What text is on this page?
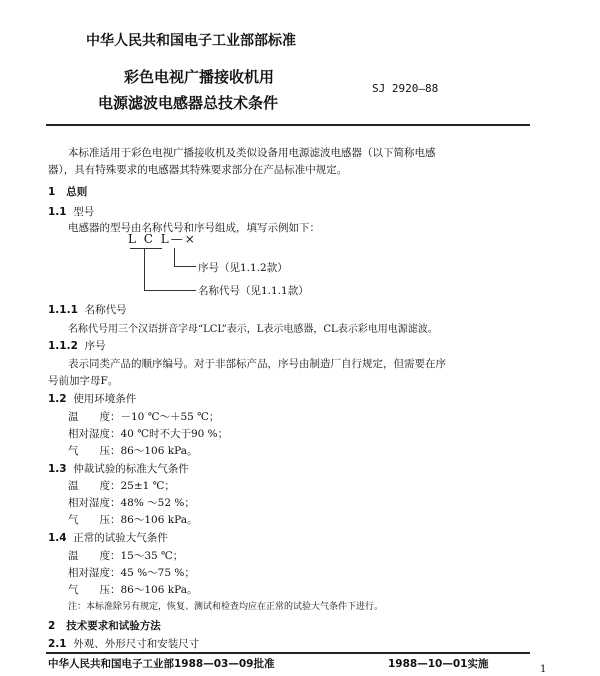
中华人民共和国电子工业部部标准
彩色电视广播接收机用
电源滤波电感器总技术条件
SJ 2920—88
本标准适用于彩色电视广播接收机及类似设备用电源滤波电感器（以下简称电感
器），具有特殊要求的电感器其特殊要求部分在产品标准中规定。
1 总则
1.1 型号
电感器的型号由名称代号和序号组成，填写示例如下：
L C L—×
序号（见1.1.2款）
名称代号（见1.1.1款）
1.1.1 名称代号
名称代号用三个汉语拼音字母“LCL”表示，L表示电感器，CL表示彩电用电源滤波。
1.1.2 序号
表示同类产品的顺序编号。对于非部标产品，序号由制造厂自行规定，但需要在序
号前加字母F。
1.2 使用环境条件
温　　度：－10 ℃～＋55 ℃；
相对湿度：40 ℃时不大于90 %；
气　　压：86～106 kPa。
1.3 仲裁试验的标准大气条件
温　　度：25±1 ℃；
相对湿度：48% ～52 %；
气　　压：86～106 kPa。
1.4 正常的试验大气条件
温　　度：15～35 ℃；
相对湿度：45 %～75 %；
气　　压：86～106 kPa。
注：本标准除另有规定，恢复、测试和检查均应在正常的试验大气条件下进行。
2 技术要求和试验方法
2.1 外观、外形尺寸和安装尺寸
中华人民共和国电子工业部1988—03—09批准	1988—10—01实施	1
